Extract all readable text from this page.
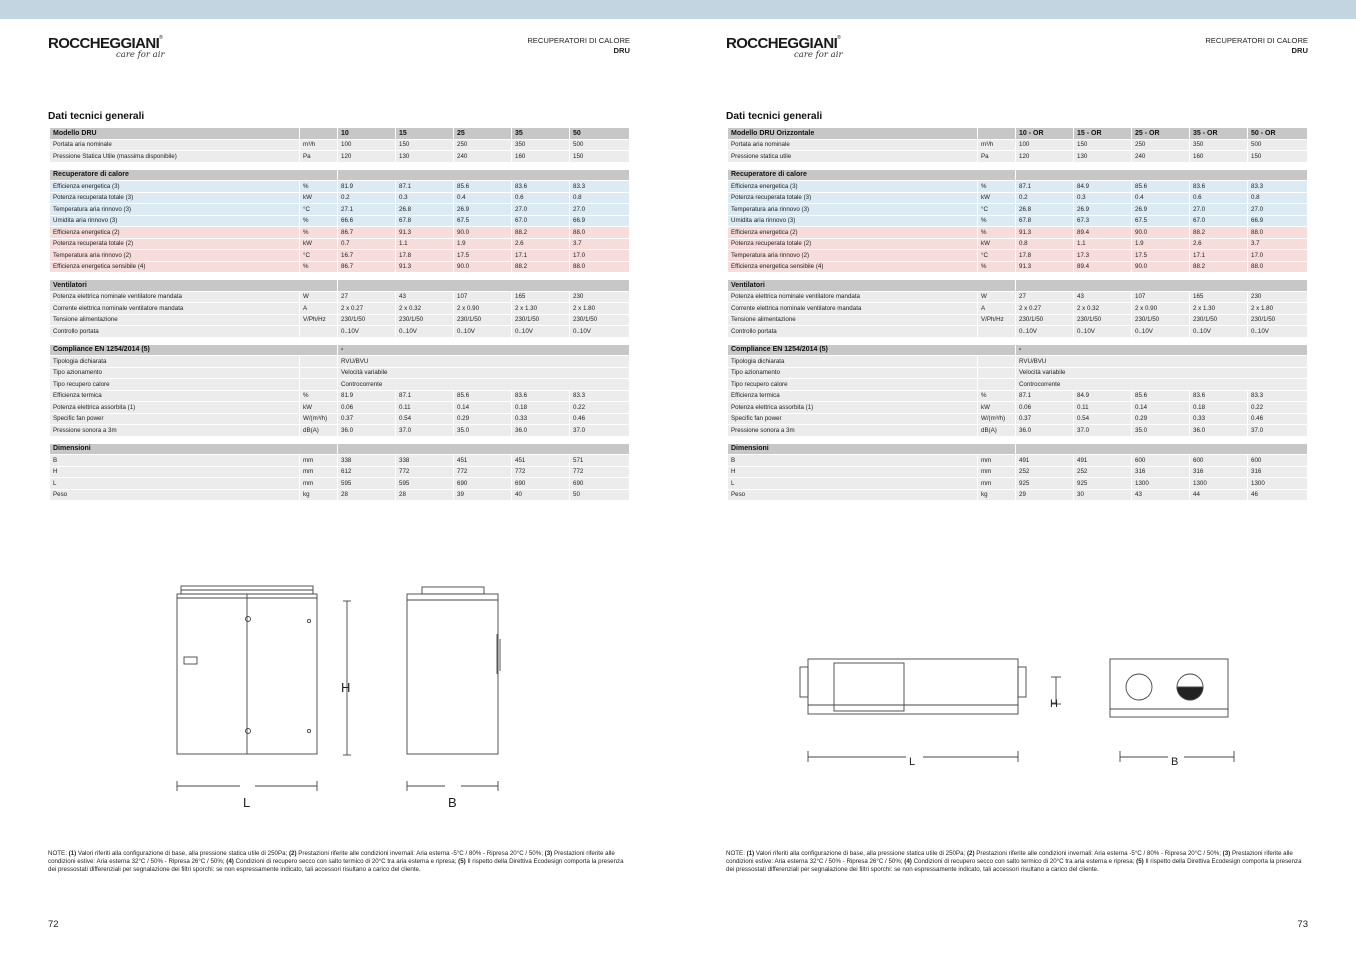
ROCCHEGGIANI®
care for air
RECUPERATORI DI CALORE
DRU
Dati tecnici generali
Modello DRU		10	15	25	35	50
Portata aria nominale	m³/h	100	150	250	350	500
Pressione Statica Utile (massima disponibile)	Pa	120	130	240	160	150

Recuperatore di calore						
Efficienza energetica (3)	%	81.9	87.1	85.6	83.6	83.3
Potenza recuperata totale (3)	kW	0.2	0.3	0.4	0.6	0.8
Temperatura aria rinnovo (3)	°C	27.1	26.8	26.9	27.0	27.0
Umidita aria rinnovo (3)	%	66.6	67.8	67.5	67.0	66.9
Efficienza energetica (2)	%	86.7	91.3	90.0	88.2	88.0
Potenza recuperata totale (2)	kW	0.7	1.1	1.9	2.6	3.7
Temperatura aria rinnovo (2)	°C	16.7	17.8	17.5	17.1	17.0
Efficienza energetica sensibile (4)	%	86.7	91.3	90.0	88.2	88.0

Ventilatori						
Potenza elettrica nominale ventilatore mandata	W	27	43	107	165	230
Corrente elettrica nominale ventilatore mandata	A	2 x 0.27	2 x 0.32	2 x 0.90	2 x 1.30	2 x 1.80
Tensione alimentazione	V/Ph/Hz	230/1/50	230/1/50	230/1/50	230/1/50	230/1/50
Controllo portata		0..10V	0..10V	0..10V	0..10V	0..10V

Compliance EN 1254/2014 (5)		-				
Tipologia dichiarata		RVU/BVU				
Tipo azionamento		Velocità variabile				
Tipo recupero calore		Controcorrente				
Efficienza termica	%	81.9	87.1	85.6	83.6	83.3
Potenza elettrica assorbita (1)	kW	0.06	0.11	0.14	0.18	0.22
Specific fan power	W/(m³/h)	0.37	0.54	0.29	0.33	0.46
Pressione sonora a 3m	dB(A)	36.0	37.0	35.0	36.0	37.0

Dimensioni						
B	mm	338	338	451	451	571
H	mm	612	772	772	772	772
L	mm	595	595	690	690	690
Peso	kg	28	28	39	40	50
H
L	B
NOTE: (1) Valori riferiti alla configurazione di base, alla pressione statica utile di 250Pa; (2) Prestazioni riferite alle condizioni invernali: Aria esterna -5°C / 80% - Ripresa 20°C / 50%; (3) Prestazioni riferite alle condizioni estive: Aria esterna 32°C / 50% - Ripresa 26°C / 50%; (4) Condizioni di recupero secco con salto termico di 20°C tra aria esterna e ripresa; (5) Il rispetto della Direttiva Ecodesign comporta la presenza dei pressostati differenziali per segnalazione dei filtri sporchi: se non espressamente indicato, tali accessori risultano a carico del cliente.
72
ROCCHEGGIANI®
care for air
RECUPERATORI DI CALORE
DRU
Dati tecnici generali
Modello DRU Orizzontale		10 - OR	15 - OR	25 - OR	35 - OR	50 - OR
Portata aria nominale	m³/h	100	150	250	350	500
Pressione statica utile	Pa	120	130	240	160	150

Recuperatore di calore						
Efficienza energetica (3)	%	87.1	84.9	85.6	83.6	83.3
Potenza recuperata totale (3)	kW	0.2	0.3	0.4	0.6	0.8
Temperatura aria rinnovo (3)	°C	26.8	26.9	26.9	27.0	27.0
Umidita aria rinnovo (3)	%	67.8	67.3	67.5	67.0	66.9
Efficienza energetica (2)	%	91.3	89.4	90.0	88.2	88.0
Potenza recuperata totale (2)	kW	0.8	1.1	1.9	2.6	3.7
Temperatura aria rinnovo (2)	°C	17.8	17.3	17.5	17.1	17.0
Efficienza energetica sensibile (4)	%	91.3	89.4	90.0	88.2	88.0

Ventilatori						
Potenza elettrica nominale ventilatore mandata	W	27	43	107	165	230
Corrente elettrica nominale ventilatore mandata	A	2 x 0.27	2 x 0.32	2 x 0.90	2 x 1.30	2 x 1.80
Tensione alimentazione	V/Ph/Hz	230/1/50	230/1/50	230/1/50	230/1/50	230/1/50
Controllo portata		0..10V	0..10V	0..10V	0..10V	0..10V

Compliance EN 1254/2014 (5)		-				
Tipologia dichiarata		RVU/BVU				
Tipo azionamento		Velocità variabile				
Tipo recupero calore		Controcorrente				
Efficienza termica	%	87.1	84.9	85.6	83.6	83.3
Potenza elettrica assorbita (1)	kW	0.06	0.11	0.14	0.18	0.22
Specific fan power	W/(m³/h)	0.37	0.54	0.29	0.33	0.46
Pressione sonora a 3m	dB(A)	36.0	37.0	35.0	36.0	37.0

Dimensioni						
B	mm	491	491	600	600	600
H	mm	252	252	316	316	316
L	mm	925	925	1300	1300	1300
Peso	kg	29	30	43	44	46
H
L	B
NOTE: (1) Valori riferiti alla configurazione di base, alla pressione statica utile di 250Pa; (2) Prestazioni riferite alle condizioni invernali: Aria esterna -5°C / 80% - Ripresa 20°C / 50%; (3) Prestazioni riferite alle condizioni estive: Aria esterna 32°C / 50% - Ripresa 26°C / 50%; (4) Condizioni di recupero secco con salto termico di 20°C tra aria esterna e ripresa; (5) Il rispetto della Direttiva Ecodesign comporta la presenza dei pressostati differenziali per segnalazione dei filtri sporchi: se non espressamente indicato, tali accessori risultano a carico del cliente.
73
